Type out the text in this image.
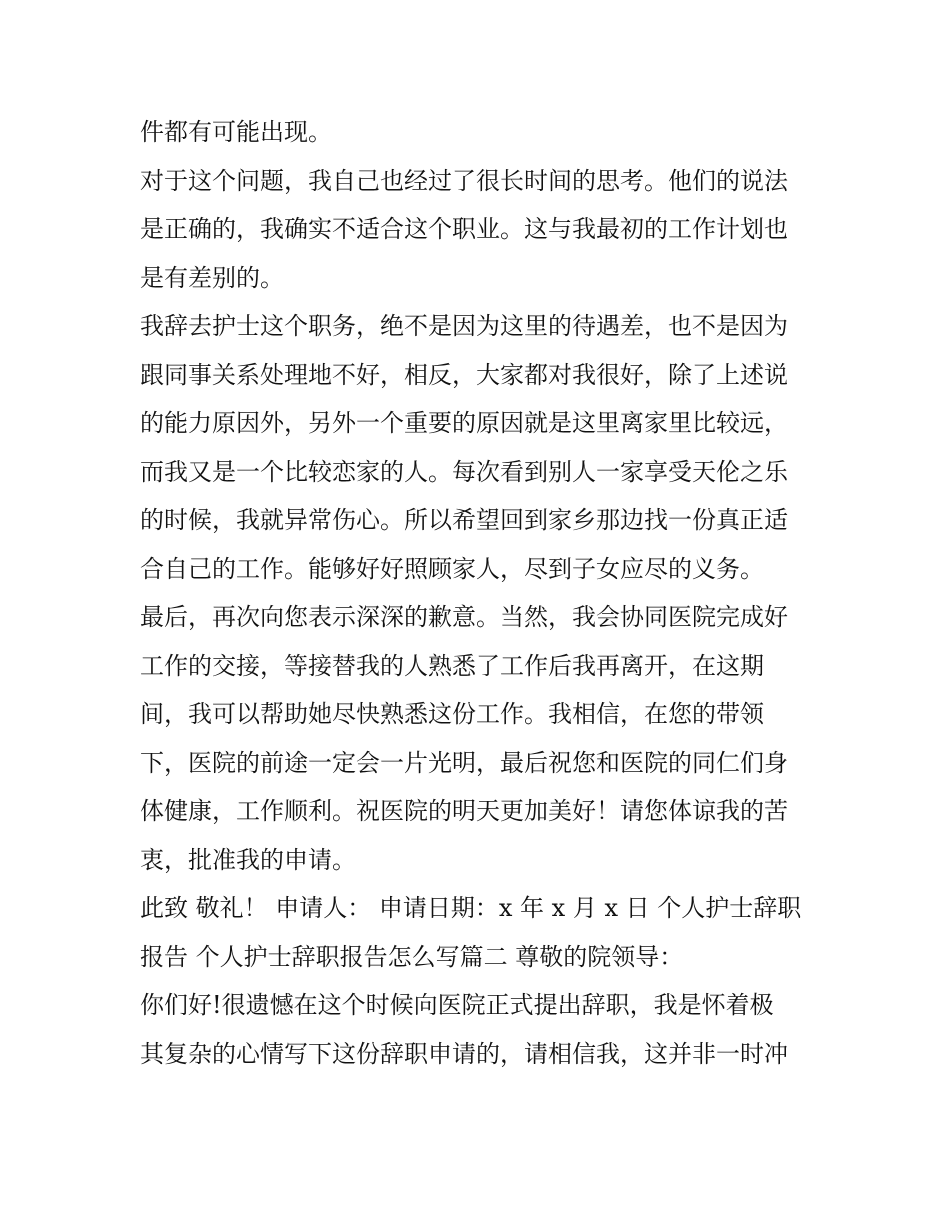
件都有可能出现。
对于这个问题，我自己也经过了很长时间的思考。他们的说法
是正确的，我确实不适合这个职业。这与我最初的工作计划也
是有差别的。
我辞去护士这个职务，绝不是因为这里的待遇差，也不是因为
跟同事关系处理地不好，相反，大家都对我很好，除了上述说
的能力原因外，另外一个重要的原因就是这里离家里比较远，
而我又是一个比较恋家的人。每次看到别人一家享受天伦之乐
的时候，我就异常伤心。所以希望回到家乡那边找一份真正适
合自己的工作。能够好好照顾家人，尽到子女应尽的义务。
最后，再次向您表示深深的歉意。当然，我会协同医院完成好
工作的交接，等接替我的人熟悉了工作后我再离开，在这期
间，我可以帮助她尽快熟悉这份工作。我相信，在您的带领
下，医院的前途一定会一片光明，最后祝您和医院的同仁们身
体健康，工作顺利。祝医院的明天更加美好！请您体谅我的苦
衷，批准我的申请。
此致 敬礼！ 申请人： 申请日期：x 年 x 月 x 日 个人护士辞职
报告 个人护士辞职报告怎么写篇二 尊敬的院领导：
你们好!很遗憾在这个时候向医院正式提出辞职，我是怀着极
其复杂的心情写下这份辞职申请的，请相信我，这并非一时冲
